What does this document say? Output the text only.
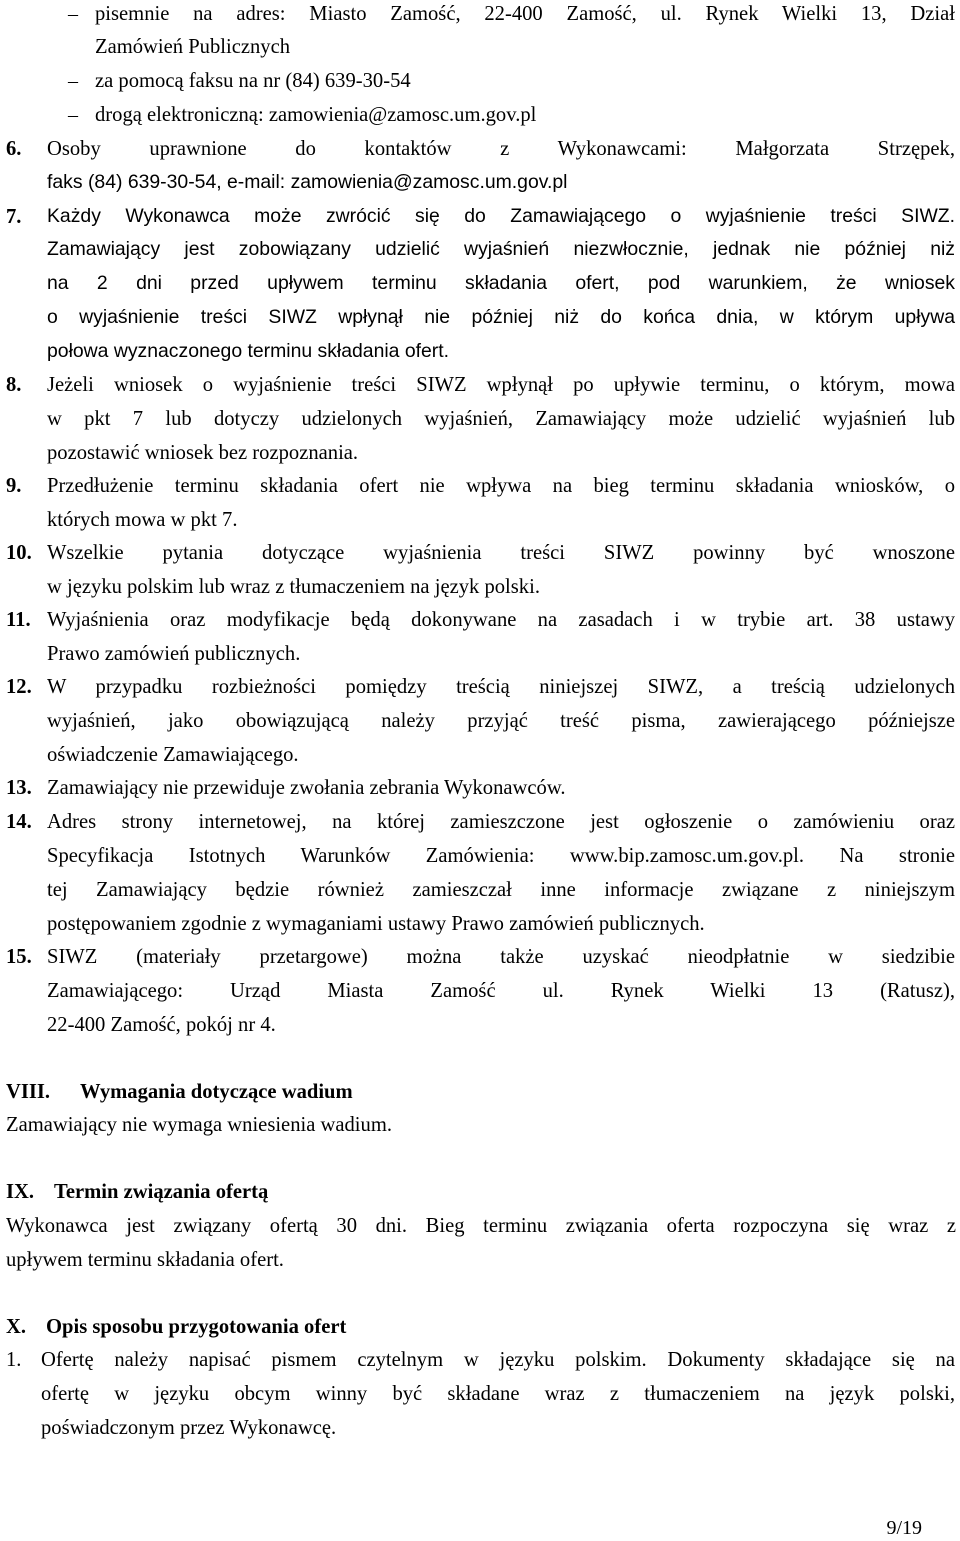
– pisemnie na adres: Miasto Zamość, 22-400 Zamość, ul. Rynek Wielki 13, Dział
Zamówień Publicznych
– za pomocą faksu na nr (84) 639-30-54
– drogą elektroniczną: zamowienia@zamosc.um.gov.pl
6. Osoby uprawnione do kontaktów z Wykonawcami: Małgorzata Strzępek,
faks (84) 639-30-54, e-mail: zamowienia@zamosc.um.gov.pl
7. Każdy Wykonawca może zwrócić się do Zamawiającego o wyjaśnienie treści SIWZ.
Zamawiający jest zobowiązany udzielić wyjaśnień niezwłocznie, jednak nie później niż
na 2 dni przed upływem terminu składania ofert, pod warunkiem, że wniosek
o wyjaśnienie treści SIWZ wpłynął nie później niż do końca dnia, w którym upływa
połowa wyznaczonego terminu składania ofert.
8. Jeżeli wniosek o wyjaśnienie treści SIWZ wpłynął po upływie terminu, o którym, mowa
w pkt 7 lub dotyczy udzielonych wyjaśnień, Zamawiający może udzielić wyjaśnień lub
pozostawić wniosek bez rozpoznania.
9. Przedłużenie terminu składania ofert nie wpływa na bieg terminu składania wniosków, o
których mowa w pkt 7.
10. Wszelkie pytania dotyczące wyjaśnienia treści SIWZ powinny być wnoszone
w języku polskim lub wraz z tłumaczeniem na język polski.
11. Wyjaśnienia oraz modyfikacje będą dokonywane na zasadach i w trybie art. 38 ustawy
Prawo zamówień publicznych.
12. W przypadku rozbieżności pomiędzy treścią niniejszej SIWZ, a treścią udzielonych
wyjaśnień, jako obowiązującą należy przyjąć treść pisma, zawierającego późniejsze
oświadczenie Zamawiającego.
13. Zamawiający nie przewiduje zwołania zebrania Wykonawców.
14. Adres strony internetowej, na której zamieszczone jest ogłoszenie o zamówieniu oraz
Specyfikacja Istotnych Warunków Zamówienia: www.bip.zamosc.um.gov.pl. Na stronie
tej Zamawiający będzie również zamieszczał inne informacje związane z niniejszym
postępowaniem zgodnie z wymaganiami ustawy Prawo zamówień publicznych.
15. SIWZ (materiały przetargowe) można także uzyskać nieodpłatnie w siedzibie
Zamawiającego: Urząd Miasta Zamość ul. Rynek Wielki 13 (Ratusz),
22-400 Zamość, pokój nr 4.
VIII. Wymagania dotyczące wadium
Zamawiający nie wymaga wniesienia wadium.
IX. Termin związania ofertą
Wykonawca jest związany ofertą 30 dni. Bieg terminu związania oferta rozpoczyna się wraz z
upływem terminu składania ofert.
X. Opis sposobu przygotowania ofert
1. Ofertę należy napisać pismem czytelnym w języku polskim. Dokumenty składające się na
ofertę w języku obcym winny być składane wraz z tłumaczeniem na język polski,
poświadczonym przez Wykonawcę.
9/19
